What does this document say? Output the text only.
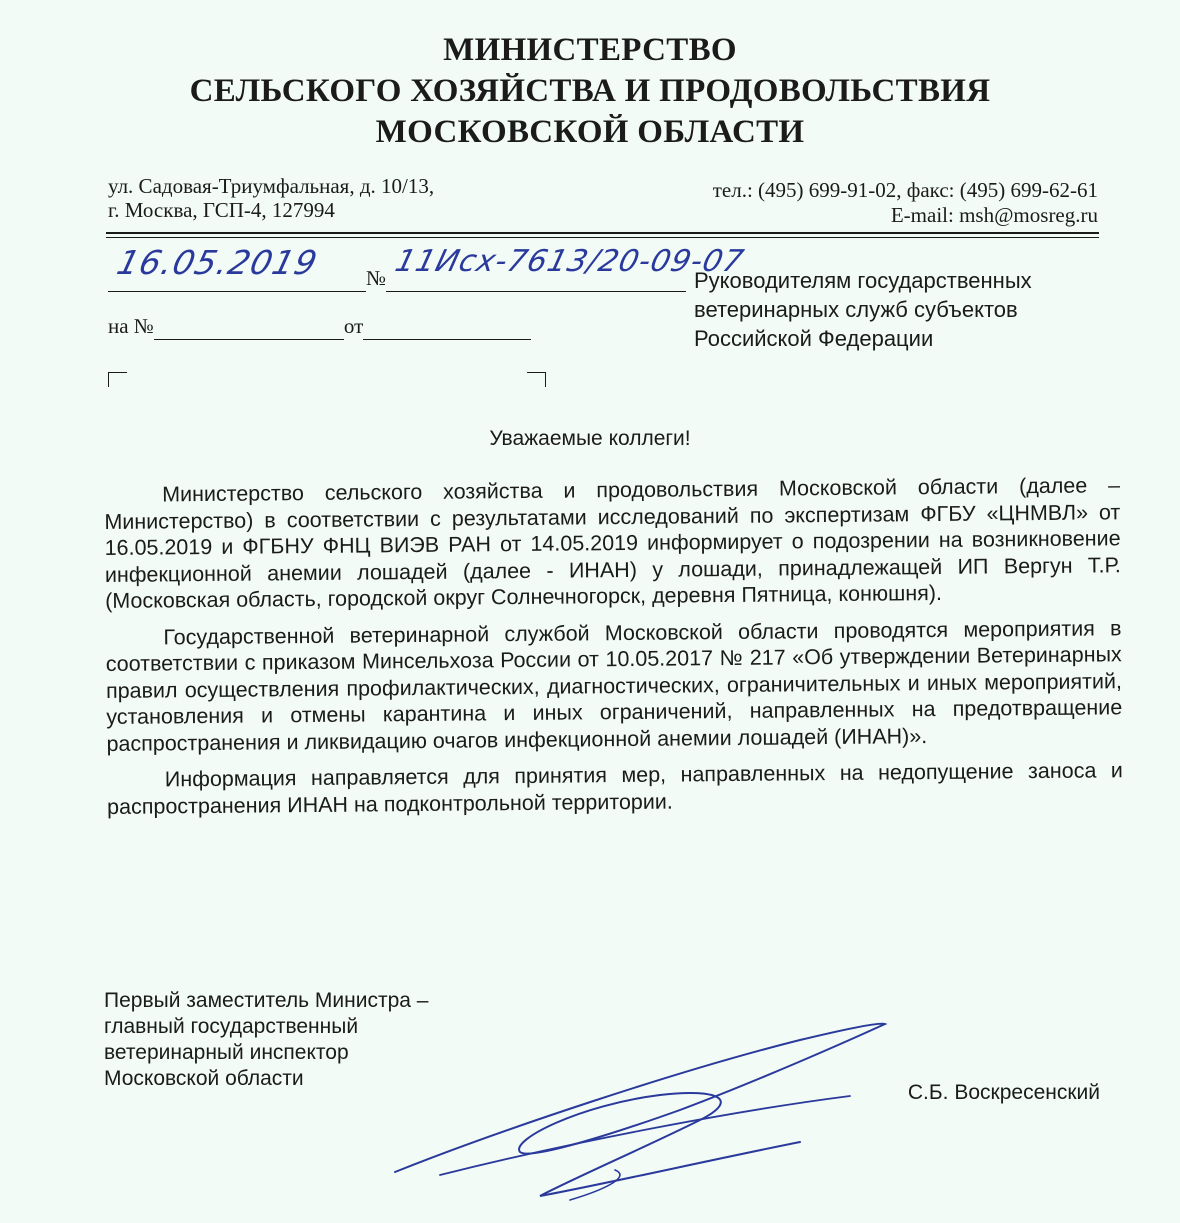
МИНИСТЕРСТВО
СЕЛЬСКОГО ХОЗЯЙСТВА И ПРОДОВОЛЬСТВИЯ
МОСКОВСКОЙ ОБЛАСТИ
ул. Садовая-Триумфальная, д. 10/13,
г. Москва, ГСП-4, 127994
тел.: (495) 699-91-02, факс: (495) 699-62-61
E-mail: msh@mosreg.ru
№
16.05.2019 11Исх-7613/20-09-07
на №	от
Руководителям государственных
ветеринарных служб субъектов
Российской Федерации
Уважаемые коллеги!

Министерство сельского хозяйства и продовольствия Московской области (далее – Министерство) в соответствии с результатами исследований по экспертизам ФГБУ «ЦНМВЛ» от 16.05.2019 и ФГБНУ ФНЦ ВИЭВ РАН от 14.05.2019 информирует о подозрении на возникновение инфекционной анемии лошадей (далее - ИНАН) у лошади, принадлежащей ИП Вергун Т.Р. (Московская область, городской округ Солнечногорск, деревня Пятница, конюшня).

Государственной ветеринарной службой Московской области проводятся мероприятия в соответствии с приказом Минсельхоза России от 10.05.2017 № 217 «Об утверждении Ветеринарных правил осуществления профилактических, диагностических, ограничительных и иных мероприятий, установления и отмены карантина и иных ограничений, направленных на предотвращение распространения и ликвидацию очагов инфекционной анемии лошадей (ИНАН)».

Информация направляется для принятия мер, направленных на недопущение заноса и распространения ИНАН на подконтрольной территории.

Первый заместитель Министра –
главный государственный
ветеринарный инспектор
Московской области
С.Б. Воскресенский
